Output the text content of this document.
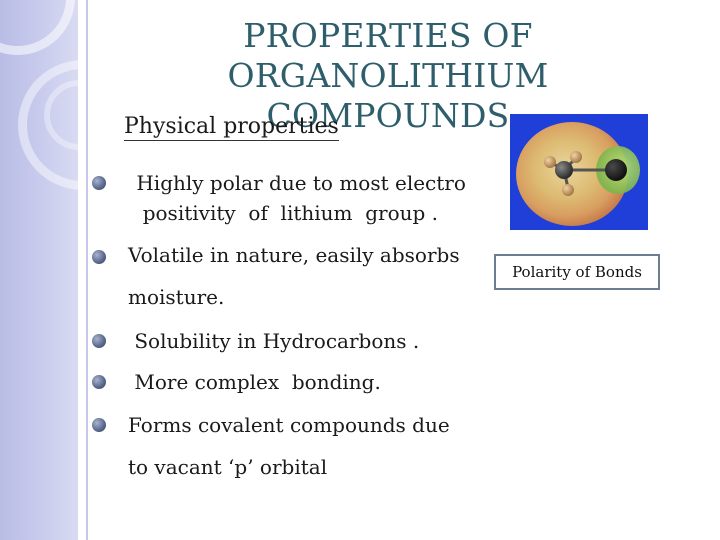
PROPERTIES OF ORGANOLITHIUM
COMPOUNDS
Physical properties
Highly polar due to most electro
positivity  of  lithium  group .
Volatile in nature, easily absorbs
moisture.
Solubility in Hydrocarbons .
More complex  bonding.
Forms covalent compounds due
to vacant ‘p’ orbital
Polarity of Bonds
